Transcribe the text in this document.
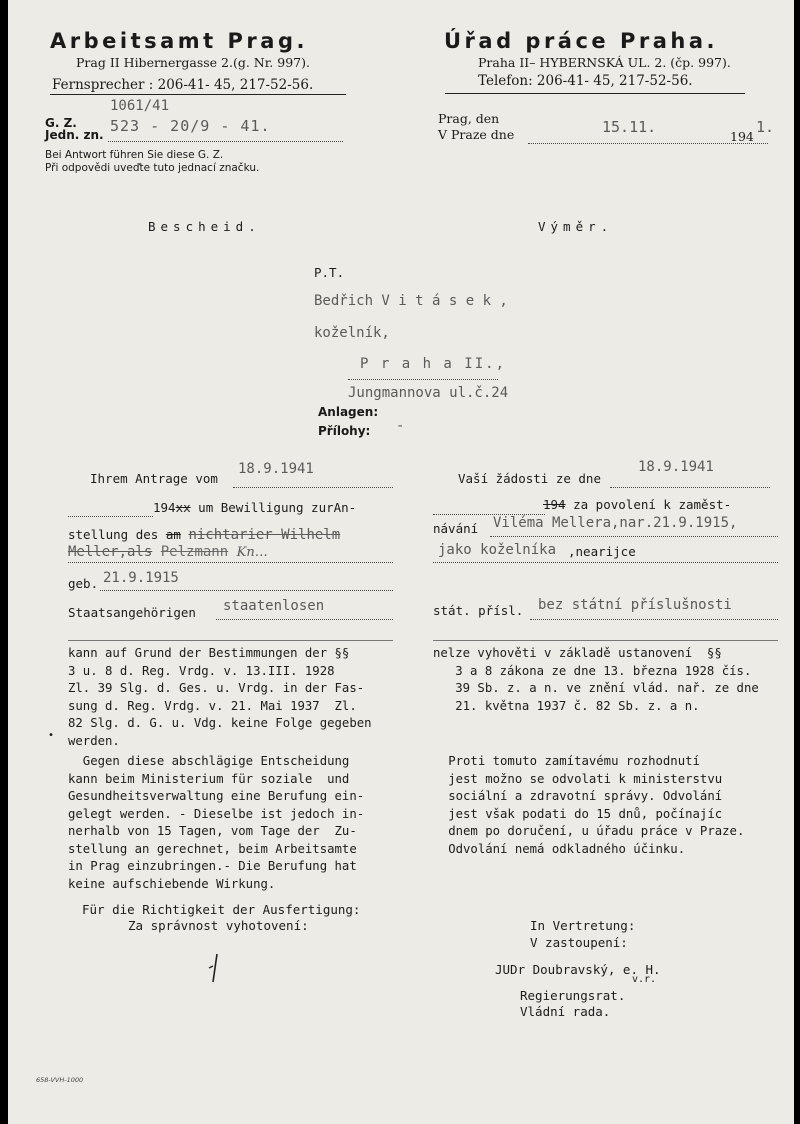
Arbeitsamt Prag.
Prag II Hibernergasse 2.(g. Nr. 997).
Fernsprecher : 206-41- 45, 217-52-56.
Úřad práce Praha.
Praha II– HYBERNSKÁ UL. 2. (čp. 997).
Telefon: 206-41- 45, 217-52-56.
1061/41
G. Z.
Jedn. zn. 523 - 20/9 - 41.
Bei Antwort führen Sie diese G. Z.
Při odpovědi uveďte tuto jednací značku.
Prag, den
V Praze dne	15.11.
194
1.
Bescheid.	Výměr.
P.T.
Bedřich V i t á s e k ,
koželník,
P r a h a II.,
Jungmannova ul.č.24
Anlagen:
Přílohy: -
Ihrem Antrage vom
18.9.1941
194xx um Bewilligung zurAn-
stellung des am nichtarier Wilhelm
Meller,als Pelzmann Kn…
geb. 21.9.1915
Staatsangehörigen staatenlosen
kann auf Grund der Bestimmungen der §§
3 u. 8 d. Reg. Vrdg. v. 13.III. 1928
Zl. 39 Slg. d. Ges. u. Vrdg. in der Fas-
sung d. Reg. Vrdg. v. 21. Mai 1937  Zl.
82 Slg. d. G. u. Vdg. keine Folge gegeben
werden.
Gegen diese abschlägige Entscheidung
kann beim Ministerium für soziale  und
Gesundheitsverwaltung eine Berufung ein-
gelegt werden. - Dieselbe ist jedoch in-
nerhalb von 15 Tagen, vom Tage der  Zu-
stellung an gerechnet, beim Arbeitsamte
in Prag einzubringen.- Die Berufung hat
keine aufschiebende Wirkung.
Für die Richtigkeit der Ausfertigung:
Za správnost vyhotovení:
Vaší žádosti ze dne
18.9.1941
194 za povolení k zaměst-
návání Viléma Mellera,nar.21.9.1915,
jako koželníka ,nearijce
stát. přísl. bez státní příslušnosti
nelze vyhověti v základě ustanovení  §§
3 a 8 zákona ze dne 13. března 1928 čís.
39 Sb. z. a n. ve znění vlád. nař. ze dne
21. května 1937 č. 82 Sb. z. a n.
Proti tomuto zamítavému rozhodnutí
jest možno se odvolati k ministerstvu
sociální a zdravotní správy. Odvolání
jest však podati do 15 dnů, počínajíc
dnem po doručení, u úřadu práce v Praze.
Odvolání nemá odkladného účinku.
In Vertretung:
V zastoupení:
JUDr Doubravský, e. H.
v.r.
Regierungsrat.
Vládní rada.
658-VVH-1000
•
